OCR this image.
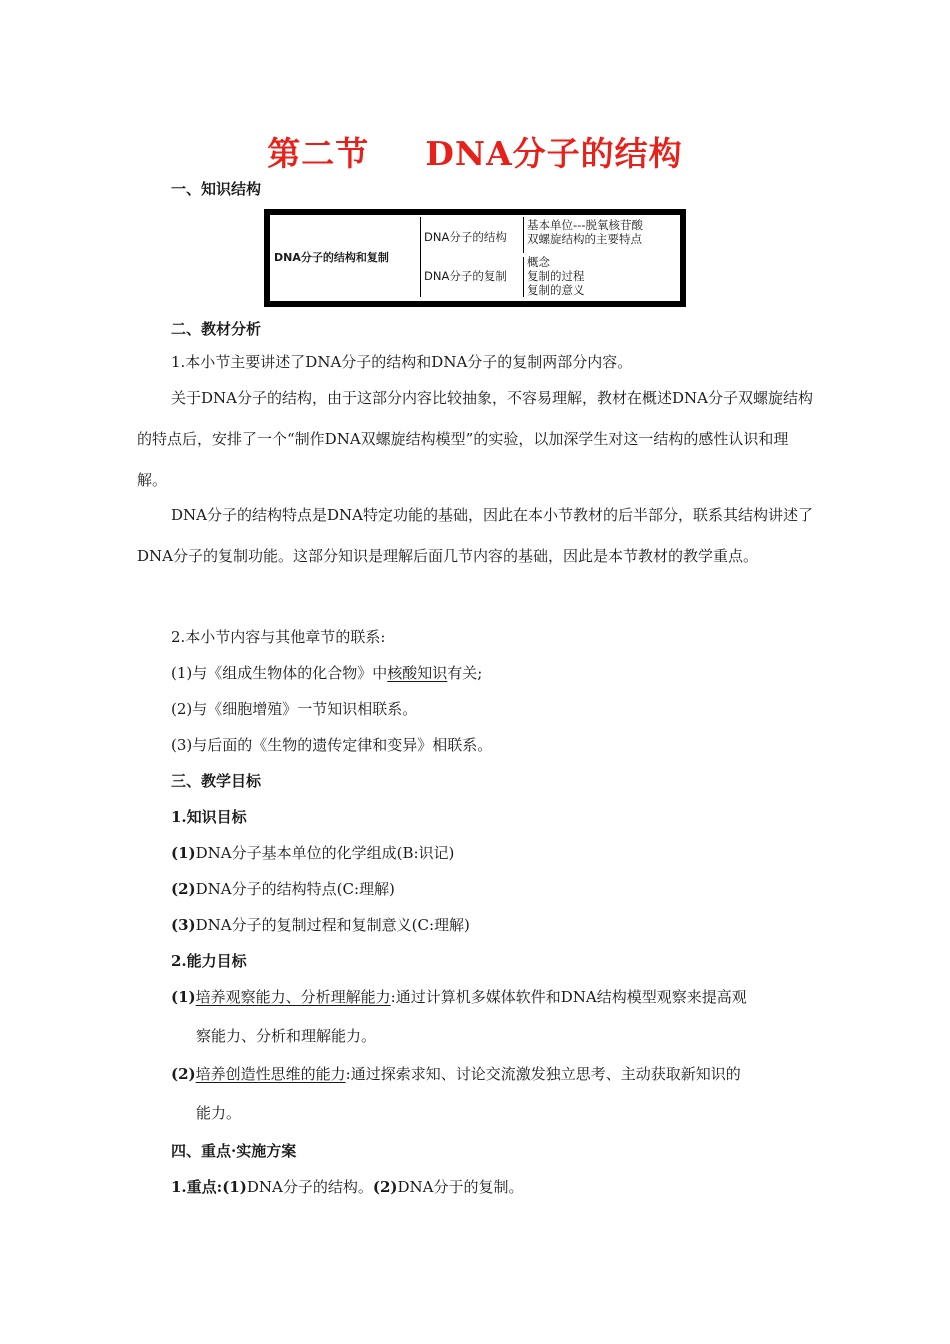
第二节 DNA分子的结构
一、知识结构
DNA分子的结构和复制
DNA分子的结构
DNA分子的复制
基本单位---脱氧核苷酸
双螺旋结构的主要特点
概念
复制的过程
复制的意义
二、教材分析
1.本小节主要讲述了DNA分子的结构和DNA分子的复制两部分内容。
关于DNA分子的结构，由于这部分内容比较抽象，不容易理解，教材在概述DNA分子双螺旋结构的特点后，安排了一个“制作DNA双螺旋结构模型”的实验，以加深学生对这一结构的感性认识和理解。
DNA分子的结构特点是DNA特定功能的基础，因此在本小节教材的后半部分，联系其结构讲述了DNA分子的复制功能。这部分知识是理解后面几节内容的基础，因此是本节教材的教学重点。
2.本小节内容与其他章节的联系:
(1)与《组成生物体的化合物》中核酸知识有关;
(2)与《细胞增殖》一节知识相联系。
(3)与后面的《生物的遗传定律和变异》相联系。
三、教学目标
1.知识目标
(1)DNA分子基本单位的化学组成(B:识记)
(2)DNA分子的结构特点(C:理解)
(3)DNA分子的复制过程和复制意义(C:理解)
2.能力目标
(1)培养观察能力、分析理解能力:通过计算机多媒体软件和DNA结构模型观察来提高观
察能力、分析和理解能力。
(2)培养创造性思维的能力:通过探索求知、讨论交流激发独立思考、主动获取新知识的
能力。
四、重点·实施方案
1.重点:(1)DNA分子的结构。(2)DNA分于的复制。
